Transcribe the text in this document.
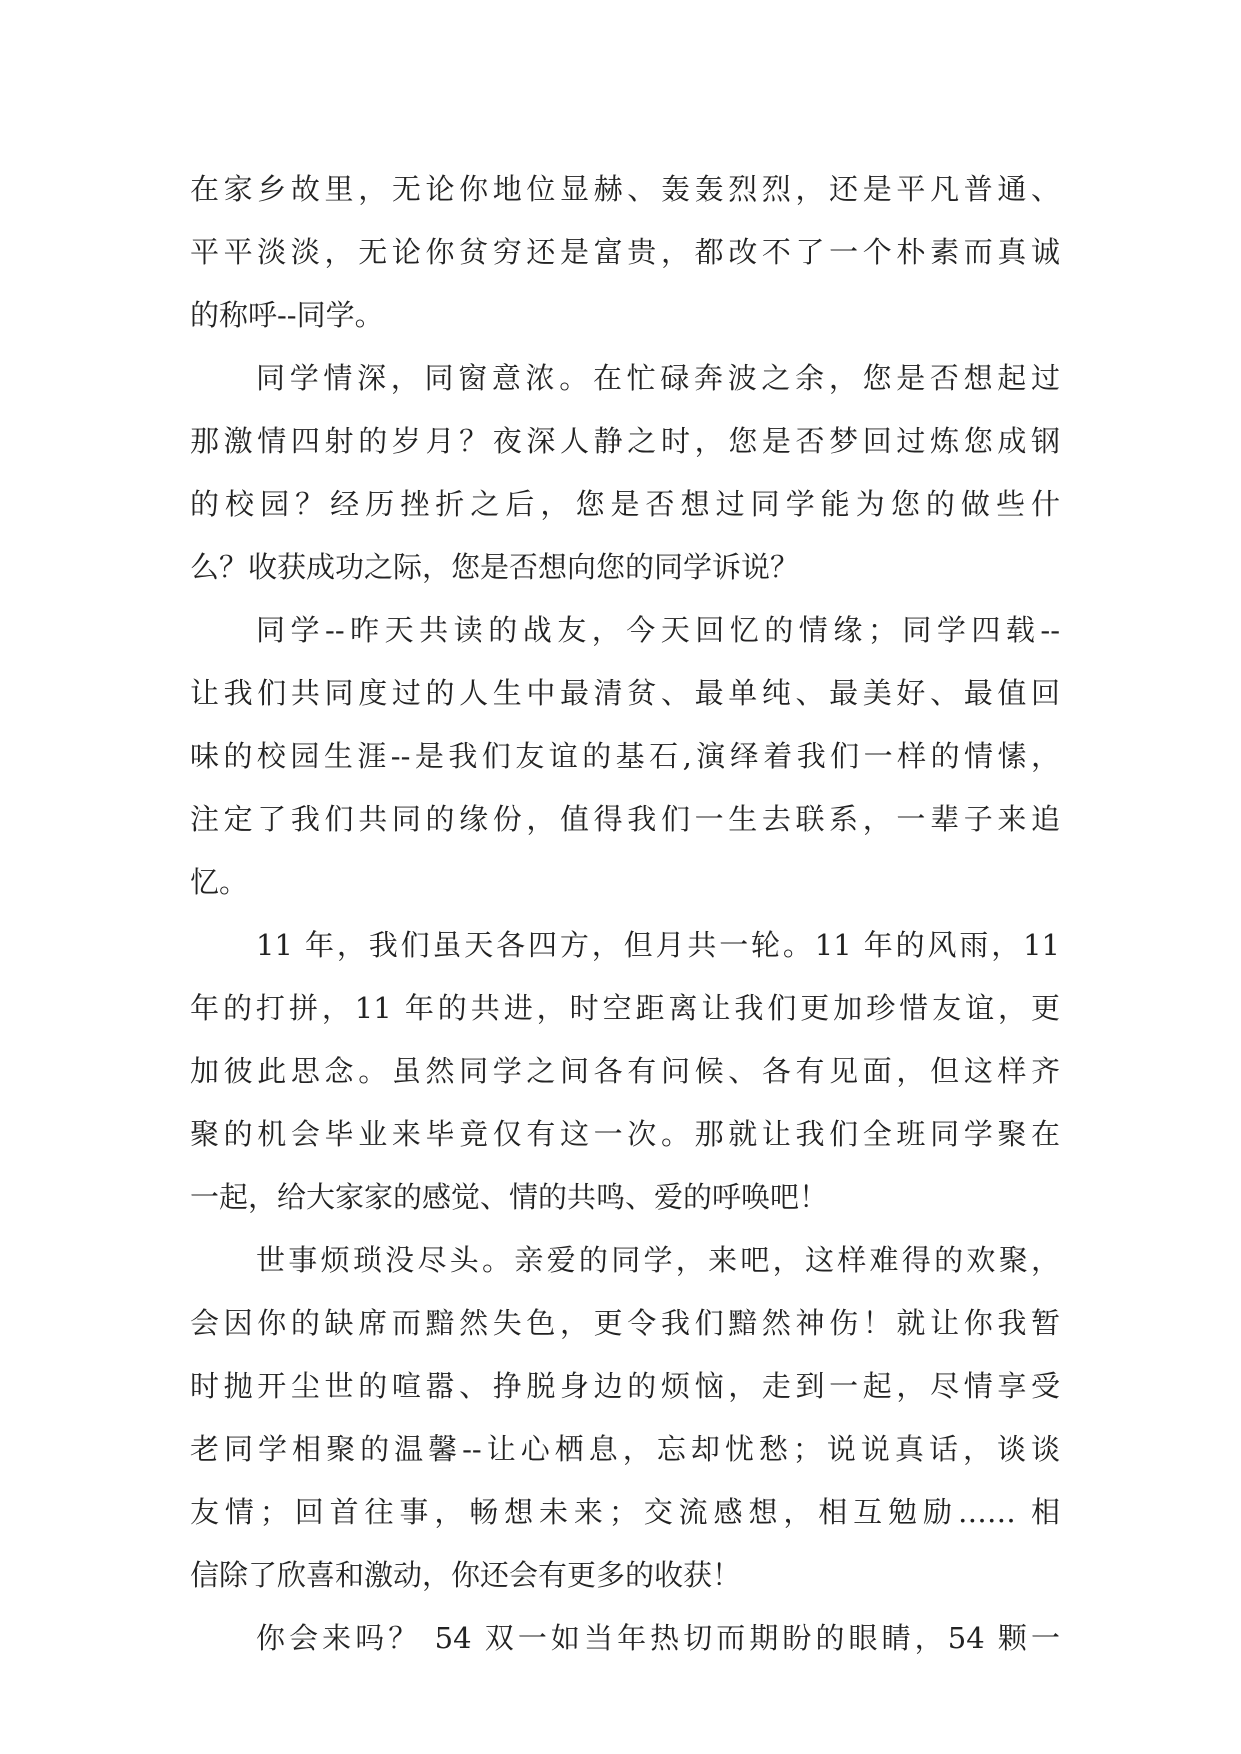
在家乡故里，无论你地位显赫、轰轰烈烈，还是平凡普通、
平平淡淡，无论你贫穷还是富贵，都改不了一个朴素而真诚
的称呼--同学。
同学情深，同窗意浓。在忙碌奔波之余，您是否想起过
那激情四射的岁月？夜深人静之时，您是否梦回过炼您成钢
的校园？经历挫折之后，您是否想过同学能为您的做些什
么？收获成功之际，您是否想向您的同学诉说？
同学--昨天共读的战友，今天回忆的情缘；同学四载--
让我们共同度过的人生中最清贫、最单纯、最美好、最值回
味的校园生涯--是我们友谊的基石,演绎着我们一样的情愫，
注定了我们共同的缘份，值得我们一生去联系，一辈子来追
忆。
11 年，我们虽天各四方，但月共一轮。11 年的风雨，11
年的打拼，11 年的共进，时空距离让我们更加珍惜友谊，更
加彼此思念。虽然同学之间各有问候、各有见面，但这样齐
聚的机会毕业来毕竟仅有这一次。那就让我们全班同学聚在
一起，给大家家的感觉、情的共鸣、爱的呼唤吧！
世事烦琐没尽头。亲爱的同学，来吧，这样难得的欢聚，
会因你的缺席而黯然失色，更令我们黯然神伤！就让你我暂
时抛开尘世的喧嚣、挣脱身边的烦恼，走到一起，尽情享受
老同学相聚的温馨--让心栖息，忘却忧愁；说说真话，谈谈
友情；回首往事，畅想未来；交流感想，相互勉励…… 相
信除了欣喜和激动，你还会有更多的收获！
你会来吗？ 54 双一如当年热切而期盼的眼睛，54 颗一
